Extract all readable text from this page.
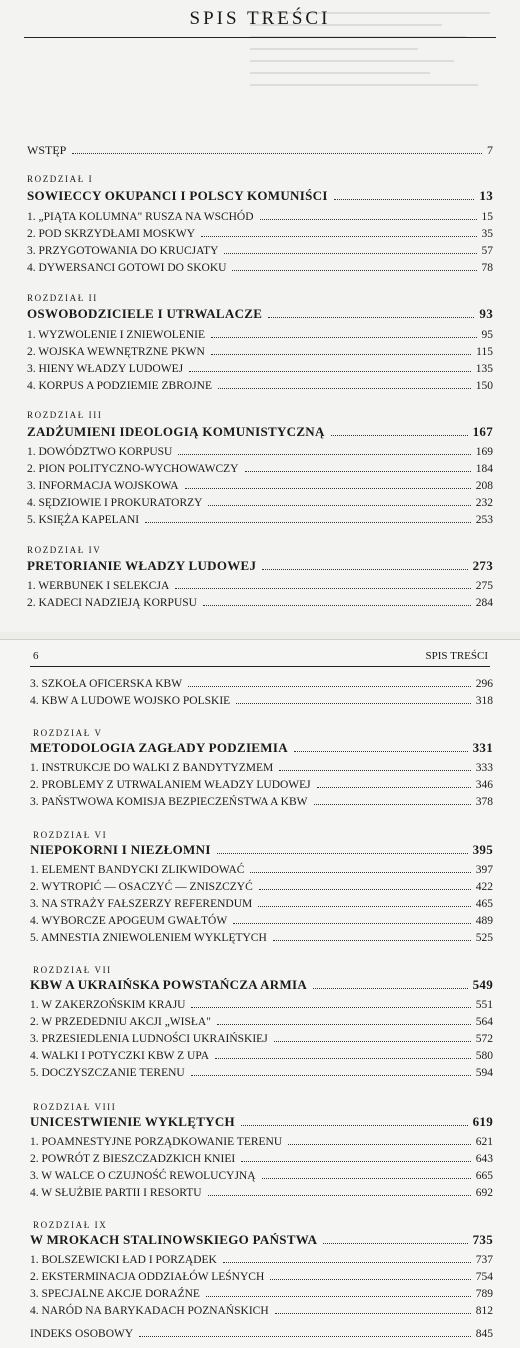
SPIS TREŚCI
WSTĘP	7
ROZDZIAŁ I
SOWIECCY OKUPANCI I POLSCY KOMUNIŚCI	13
1. „PIĄTA KOLUMNA" RUSZA NA WSCHÓD	15
2. POD SKRZYDŁAMI MOSKWY	35
3. PRZYGOTOWANIA DO KRUCJATY	57
4. DYWERSANCI GOTOWI DO SKOKU	78
ROZDZIAŁ II
OSWOBODZICIELE I UTRWALACZE	93
1. WYZWOLENIE I ZNIEWOLENIE	95
2. WOJSKA WEWNĘTRZNE PKWN	115
3. HIENY WŁADZY LUDOWEJ	135
4. KORPUS A PODZIEMIE ZBROJNE	150
ROZDZIAŁ III
ZADŻUMIENI IDEOLOGIĄ KOMUNISTYCZNĄ	167
1. DOWÓDZTWO KORPUSU	169
2. PION POLITYCZNO-WYCHOWAWCZY	184
3. INFORMACJA WOJSKOWA	208
4. SĘDZIOWIE I PROKURATORZY	232
5. KSIĘŻA KAPELANI	253
ROZDZIAŁ IV
PRETORIANIE WŁADZY LUDOWEJ	273
1. WERBUNEK I SELEKCJA	275
2. KADECI NADZIEJĄ KORPUSU	284
6	SPIS TREŚCI
3. SZKOŁA OFICERSKA KBW	296
4. KBW A LUDOWE WOJSKO POLSKIE	318
ROZDZIAŁ V
METODOLOGIA ZAGŁADY PODZIEMIA	331
1. INSTRUKCJE DO WALKI Z BANDYTYZMEM	333
2. PROBLEMY Z UTRWALANIEM WŁADZY LUDOWEJ	346
3. PAŃSTWOWA KOMISJA BEZPIECZEŃSTWA A KBW	378
ROZDZIAŁ VI
NIEPOKORNI I NIEZŁOMNI	395
1. ELEMENT BANDYCKI ZLIKWIDOWAĆ	397
2. WYTROPIĆ — OSACZYĆ — ZNISZCZYĆ	422
3. NA STRAŻY FAŁSZERZY REFERENDUM	465
4. WYBORCZE APOGEUM GWAŁTÓW	489
5. AMNESTIA ZNIEWOLENIEM WYKLĘTYCH	525
ROZDZIAŁ VII
KBW A UKRAIŃSKA POWSTAŃCZA ARMIA	549
1. W ZAKERZOŃSKIM KRAJU	551
2. W PRZEDEDNIU AKCJI „WISŁA"	564
3. PRZESIEDLENIA LUDNOŚCI UKRAIŃSKIEJ	572
4. WALKI I POTYCZKI KBW Z UPA	580
5. DOCZYSZCZANIE TERENU	594
ROZDZIAŁ VIII
UNICESTWIENIE WYKLĘTYCH	619
1. POAMNESTYJNE PORZĄDKOWANIE TERENU	621
2. POWRÓT Z BIESZCZADZKICH KNIEI	643
3. W WALCE O CZUJNOŚĆ REWOLUCYJNĄ	665
4. W SŁUŻBIE PARTII I RESORTU	692
ROZDZIAŁ IX
W MROKACH STALINOWSKIEGO PAŃSTWA	735
1. BOLSZEWICKI ŁAD I PORZĄDEK	737
2. EKSTERMINACJA ODDZIAŁÓW LEŚNYCH	754
3. SPECJALNE AKCJE DORAŹNE	789
4. NARÓD NA BARYKADACH POZNAŃSKICH	812
INDEKS OSOBOWY	845
